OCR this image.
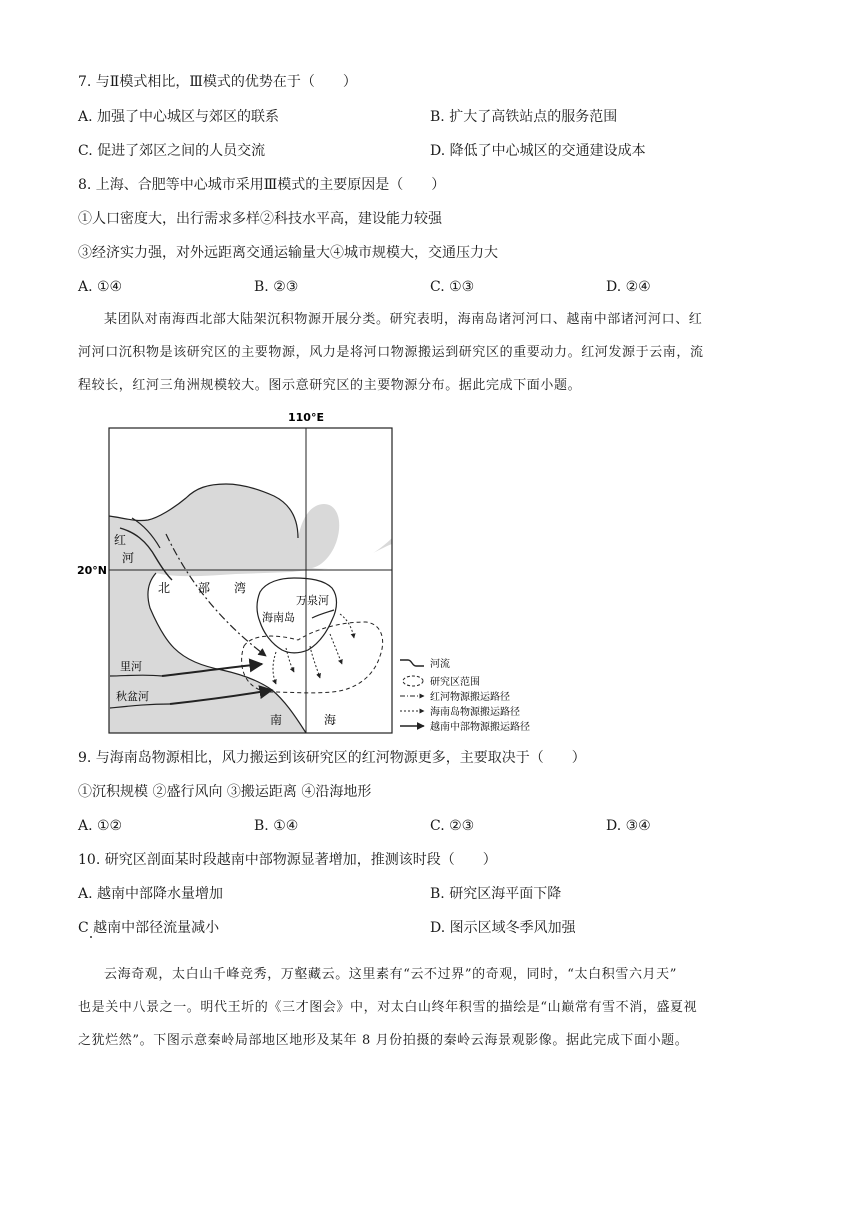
7. 与Ⅱ模式相比，Ⅲ模式的优势在于（　　）
A. 加强了中心城区与郊区的联系	B. 扩大了高铁站点的服务范围
C. 促进了郊区之间的人员交流	D. 降低了中心城区的交通建设成本
8. 上海、合肥等中心城市采用Ⅲ模式的主要原因是（　　）
①人口密度大，出行需求多样②科技水平高，建设能力较强
③经济实力强，对外远距离交通运输量大④城市规模大，交通压力大
A. ①④	B. ②③	C. ①③	D. ②④
某团队对南海西北部大陆架沉积物源开展分类。研究表明，海南岛诸河河口、越南中部诸河河口、红
河河口沉积物是该研究区的主要物源，风力是将河口物源搬运到研究区的重要动力。红河发源于云南，流
程较长，红河三角洲规模较大。图示意研究区的主要物源分布。据此完成下面小题。
110°E
20°N
红
河
北 部 湾
海南岛
万泉河
里河
秋盆河
南	海
河流
研究区范围
红河物源搬运路径
海南岛物源搬运路径
越南中部物源搬运路径
9. 与海南岛物源相比，风力搬运到该研究区的红河物源更多，主要取决于（　　）
①沉积规模 ②盛行风向 ③搬运距离 ④沿海地形
A. ①②	B. ①④	C. ②③	D. ③④
10. 研究区剖面某时段越南中部物源显著增加，推测该时段（　　）
A. 越南中部降水量增加	B. 研究区海平面下降
C 越南中部径流量减小	D. 图示区域冬季风加强
云海奇观，太白山千峰竞秀，万壑藏云。这里素有“云不过界”的奇观，同时，“太白积雪六月天”
也是关中八景之一。明代王圻的《三才图会》中，对太白山终年积雪的描绘是“山巅常有雪不消，盛夏视
之犹烂然”。下图示意秦岭局部地区地形及某年 8 月份拍摄的秦岭云海景观影像。据此完成下面小题。
